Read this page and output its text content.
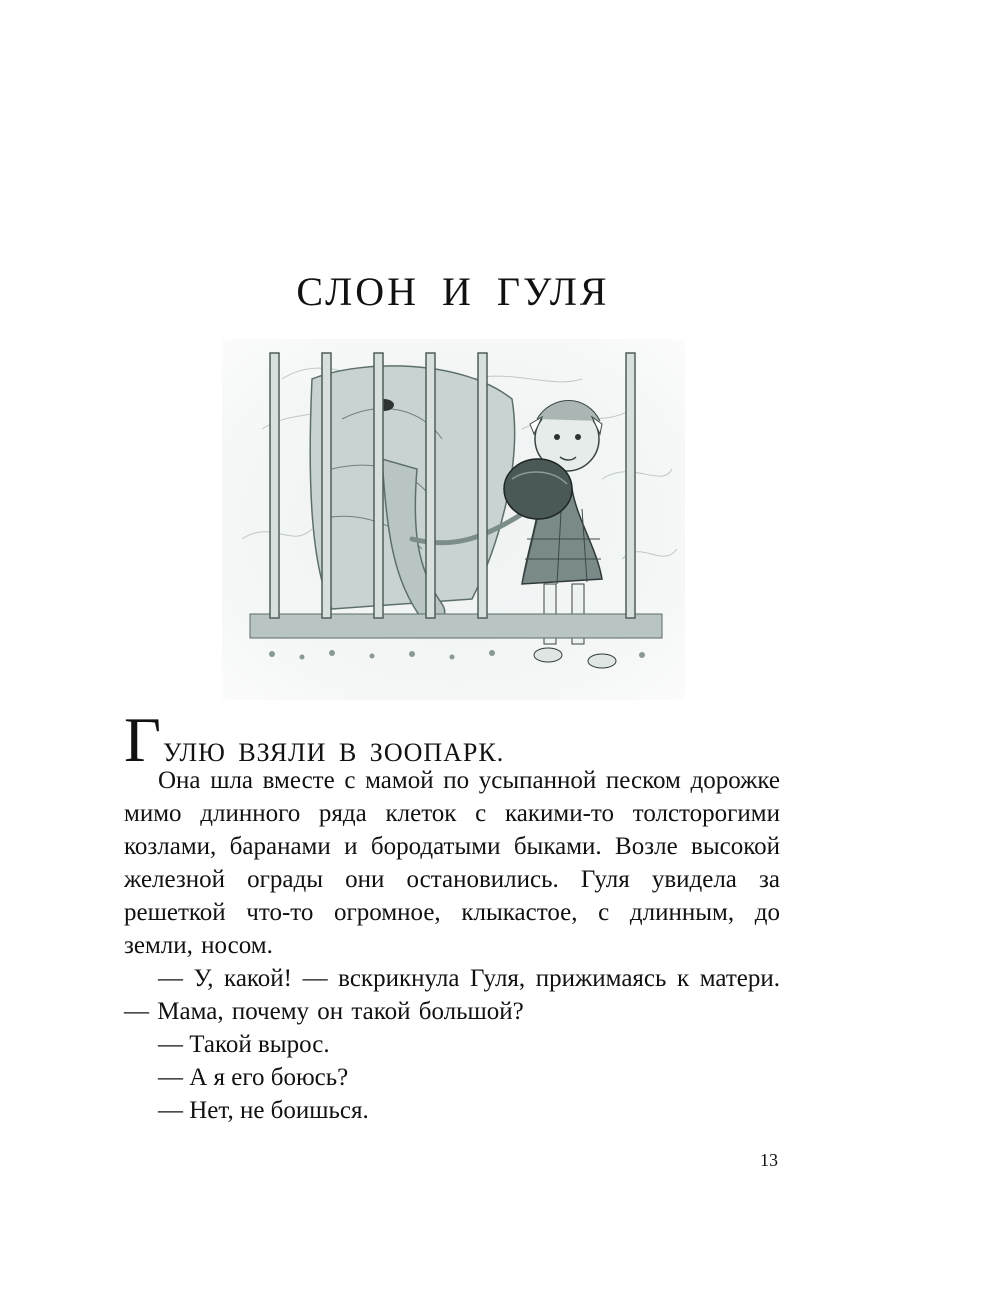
СЛОН И ГУЛЯ
ГУЛЮ ВЗЯЛИ В ЗООПАРК.

Она шла вместе с мамой по усыпанной песком дорожке мимо длинного ряда клеток с какими-то толсторогими козлами, баранами и бородатыми быками. Возле высокой железной ограды они остановились. Гуля увидела за решеткой что-то огромное, клыкастое, с длинным, до земли, носом.

— У, какой! — вскрикнула Гуля, прижимаясь к матери. — Мама, почему он такой большой?

— Такой вырос.

— А я его боюсь?

— Нет, не боишься.

13
